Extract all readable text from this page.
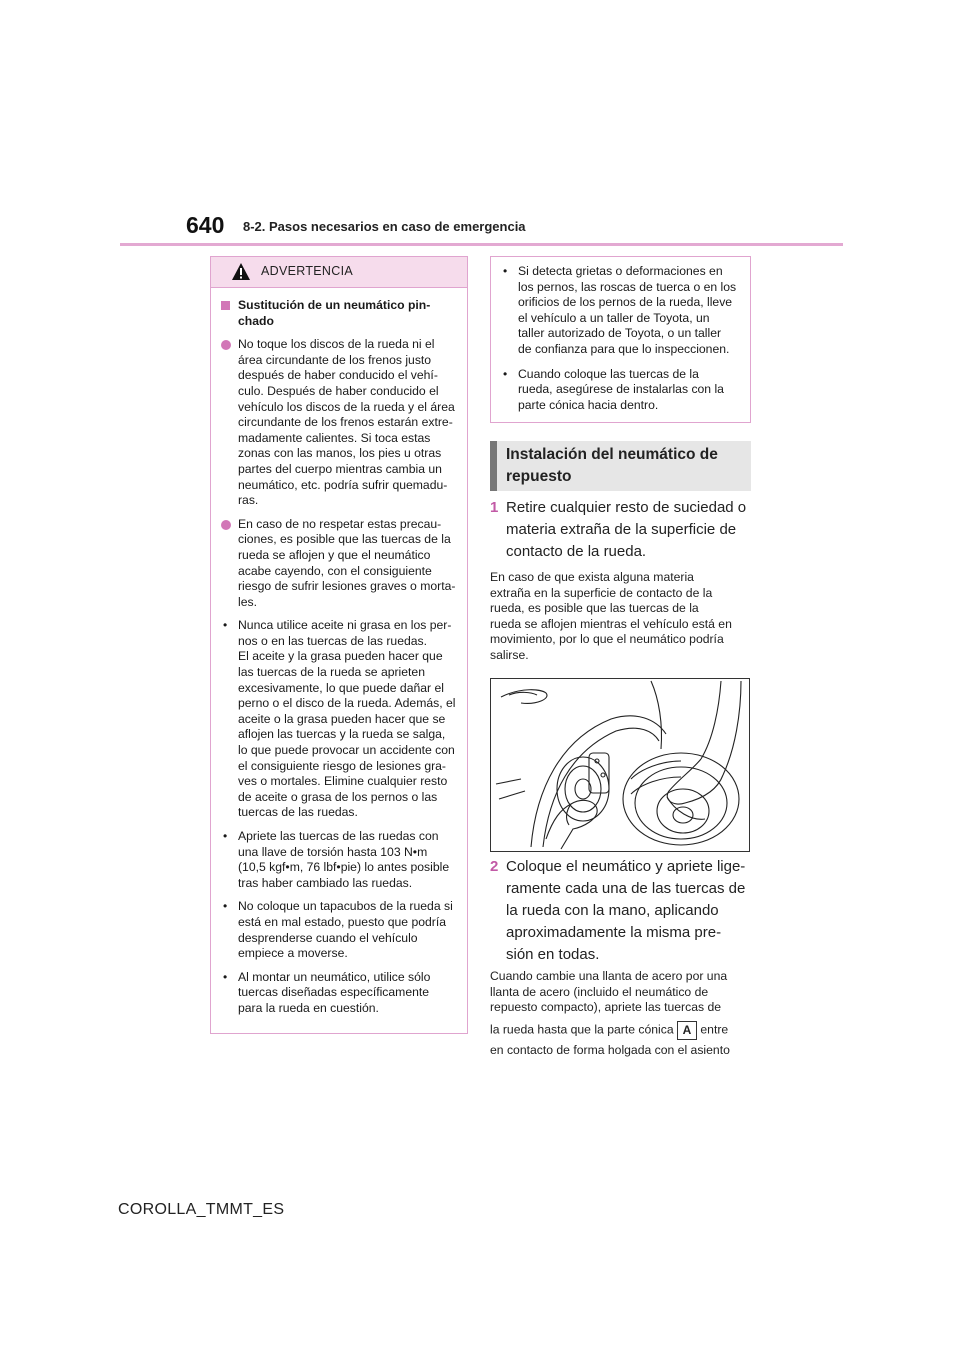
640 8-2. Pasos necesarios en caso de emergencia
ADVERTENCIA
Sustitución de un neumático pin-
chado
No toque los discos de la rueda ni el
área circundante de los frenos justo
después de haber conducido el vehí-
culo. Después de haber conducido el
vehículo los discos de la rueda y el área
circundante de los frenos estarán extre-
madamente calientes. Si toca estas
zonas con las manos, los pies u otras
partes del cuerpo mientras cambia un
neumático, etc. podría sufrir quemadu-
ras.
En caso de no respetar estas precau-
ciones, es posible que las tuercas de la
rueda se aflojen y que el neumático
acabe cayendo, con el consiguiente
riesgo de sufrir lesiones graves o morta-
les.
• Nunca utilice aceite ni grasa en los per-
nos o en las tuercas de las ruedas.
El aceite y la grasa pueden hacer que
las tuercas de la rueda se aprieten
excesivamente, lo que puede dañar el
perno o el disco de la rueda. Además, el
aceite o la grasa pueden hacer que se
aflojen las tuercas y la rueda se salga,
lo que puede provocar un accidente con
el consiguiente riesgo de lesiones gra-
ves o mortales. Elimine cualquier resto
de aceite o grasa de los pernos o las
tuercas de las ruedas.
• Apriete las tuercas de las ruedas con
una llave de torsión hasta 103 N•m
(10,5 kgf•m, 76 lbf•pie) lo antes posible
tras haber cambiado las ruedas.
• No coloque un tapacubos de la rueda si
está en mal estado, puesto que podría
desprenderse cuando el vehículo
empiece a moverse.
• Al montar un neumático, utilice sólo
tuercas diseñadas específicamente
para la rueda en cuestión.
• Si detecta grietas o deformaciones en
los pernos, las roscas de tuerca o en los
orificios de los pernos de la rueda, lleve
el vehículo a un taller de Toyota, un
taller autorizado de Toyota, o un taller
de confianza para que lo inspeccionen.
• Cuando coloque las tuercas de la
rueda, asegúrese de instalarlas con la
parte cónica hacia dentro.
Instalación del neumático de
repuesto
1 Retire cualquier resto de suciedad o
materia extraña de la superficie de
contacto de la rueda.
En caso de que exista alguna materia
extraña en la superficie de contacto de la
rueda, es posible que las tuercas de la
rueda se aflojen mientras el vehículo está en
movimiento, por lo que el neumático podría
salirse.
2 Coloque el neumático y apriete lige-
ramente cada una de las tuercas de
la rueda con la mano, aplicando
aproximadamente la misma pre-
sión en todas.
Cuando cambie una llanta de acero por una
llanta de acero (incluido el neumático de
repuesto compacto), apriete las tuercas de
la rueda hasta que la parte cónica A entre
en contacto de forma holgada con el asiento
COROLLA_TMMT_ES
